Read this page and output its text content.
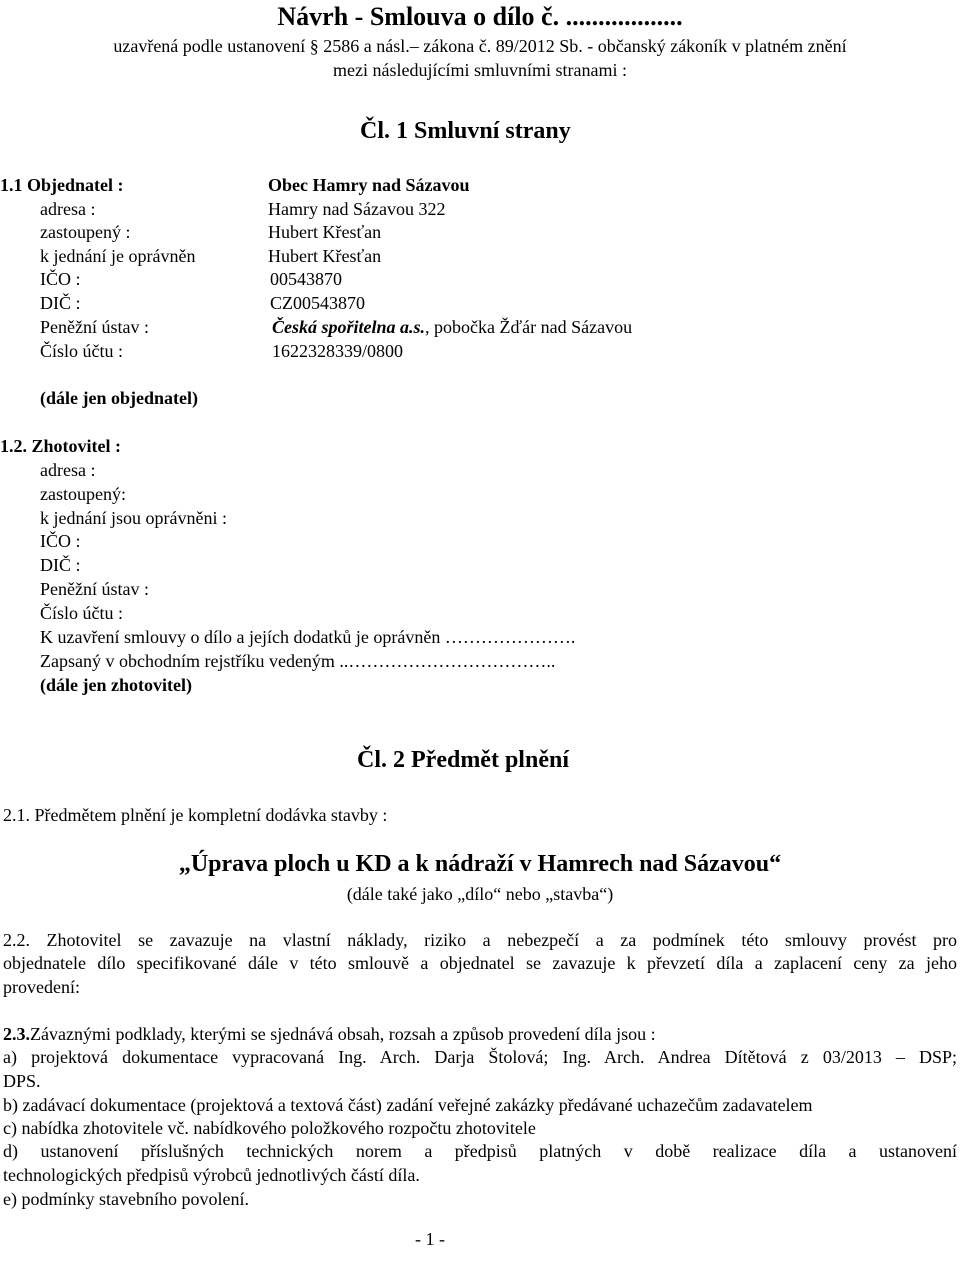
Návrh - Smlouva o dílo č. ..................
uzavřená podle ustanovení § 2586 a násl.– zákona č. 89/2012 Sb. - občanský zákoník v platném znění
mezi následujícími smluvními stranami :
Čl. 1 Smluvní strany
1.1 Objednatel :	Obec Hamry nad Sázavou
adresa :	Hamry nad Sázavou 322
zastoupený :	Hubert Křesťan
k jednání je oprávněn	Hubert Křesťan
IČO :	00543870
DIČ :	CZ00543870
Peněžní ústav :	Česká spořitelna a.s., pobočka Žďár nad Sázavou
Číslo účtu :	1622328339/0800
(dále jen objednatel)
1.2. Zhotovitel :
adresa :
zastoupený:
k jednání jsou oprávněni :
IČO :
DIČ :
Peněžní ústav :
Číslo účtu :
K uzavření smlouvy o dílo a jejích dodatků je oprávněn ………………….
Zapsaný v obchodním rejstříku vedeným ..……………………………..
(dále jen zhotovitel)
Čl. 2 Předmět plnění
2.1. Předmětem plnění je kompletní dodávka stavby :
„Úprava ploch u KD a k nádraží v Hamrech nad Sázavou“
(dále také jako „dílo“ nebo „stavba“)
2.2. Zhotovitel se zavazuje na vlastní náklady, riziko a nebezpečí a za podmínek této smlouvy provést pro
objednatele dílo specifikované dále v této smlouvě a objednatel se zavazuje k převzetí díla a zaplacení ceny za jeho
provedení:
2.3.Závaznými podklady, kterými se sjednává obsah, rozsah a způsob provedení díla jsou :
a) projektová dokumentace vypracovaná Ing. Arch. Darja Štolová; Ing. Arch. Andrea Dítětová z 03/2013 – DSP;
DPS.
b) zadávací dokumentace (projektová a textová část) zadání veřejné zakázky předávané uchazečům zadavatelem
c) nabídka zhotovitele vč. nabídkového položkového rozpočtu zhotovitele
d) ustanovení příslušných technických norem a předpisů platných v době realizace díla a ustanovení
technologických předpisů výrobců jednotlivých částí díla.
e) podmínky stavebního povolení.
- 1 -
